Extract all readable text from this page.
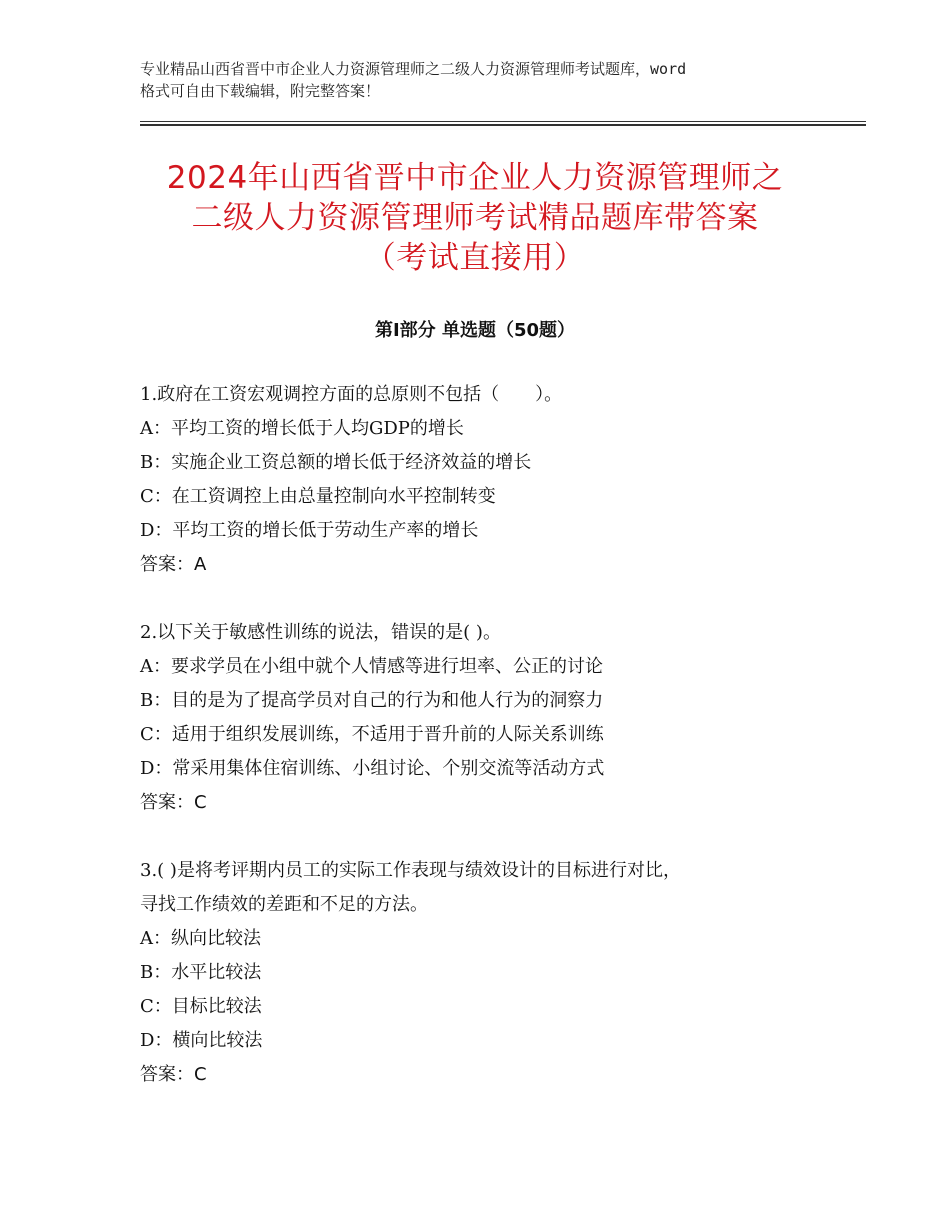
专业精品山西省晋中市企业人力资源管理师之二级人力资源管理师考试题库，word
格式可自由下载编辑，附完整答案！
2024年山西省晋中市企业人力资源管理师之
二级人力资源管理师考试精品题库带答案
（考试直接用）
第Ⅰ部分 单选题（50题）
1.政府在工资宏观调控方面的总原则不包括（　　）。
A：平均工资的增长低于人均GDP的增长
B：实施企业工资总额的增长低于经济效益的增长
C：在工资调控上由总量控制向水平控制转变
D：平均工资的增长低于劳动生产率的增长
答案：A
2.以下关于敏感性训练的说法，错误的是( )。
A：要求学员在小组中就个人情感等进行坦率、公正的讨论
B：目的是为了提高学员对自己的行为和他人行为的洞察力
C：适用于组织发展训练，不适用于晋升前的人际关系训练
D：常采用集体住宿训练、小组讨论、个别交流等活动方式
答案：C
3.( )是将考评期内员工的实际工作表现与绩效设计的目标进行对比，
寻找工作绩效的差距和不足的方法。
A：纵向比较法
B：水平比较法
C：目标比较法
D：横向比较法
答案：C
